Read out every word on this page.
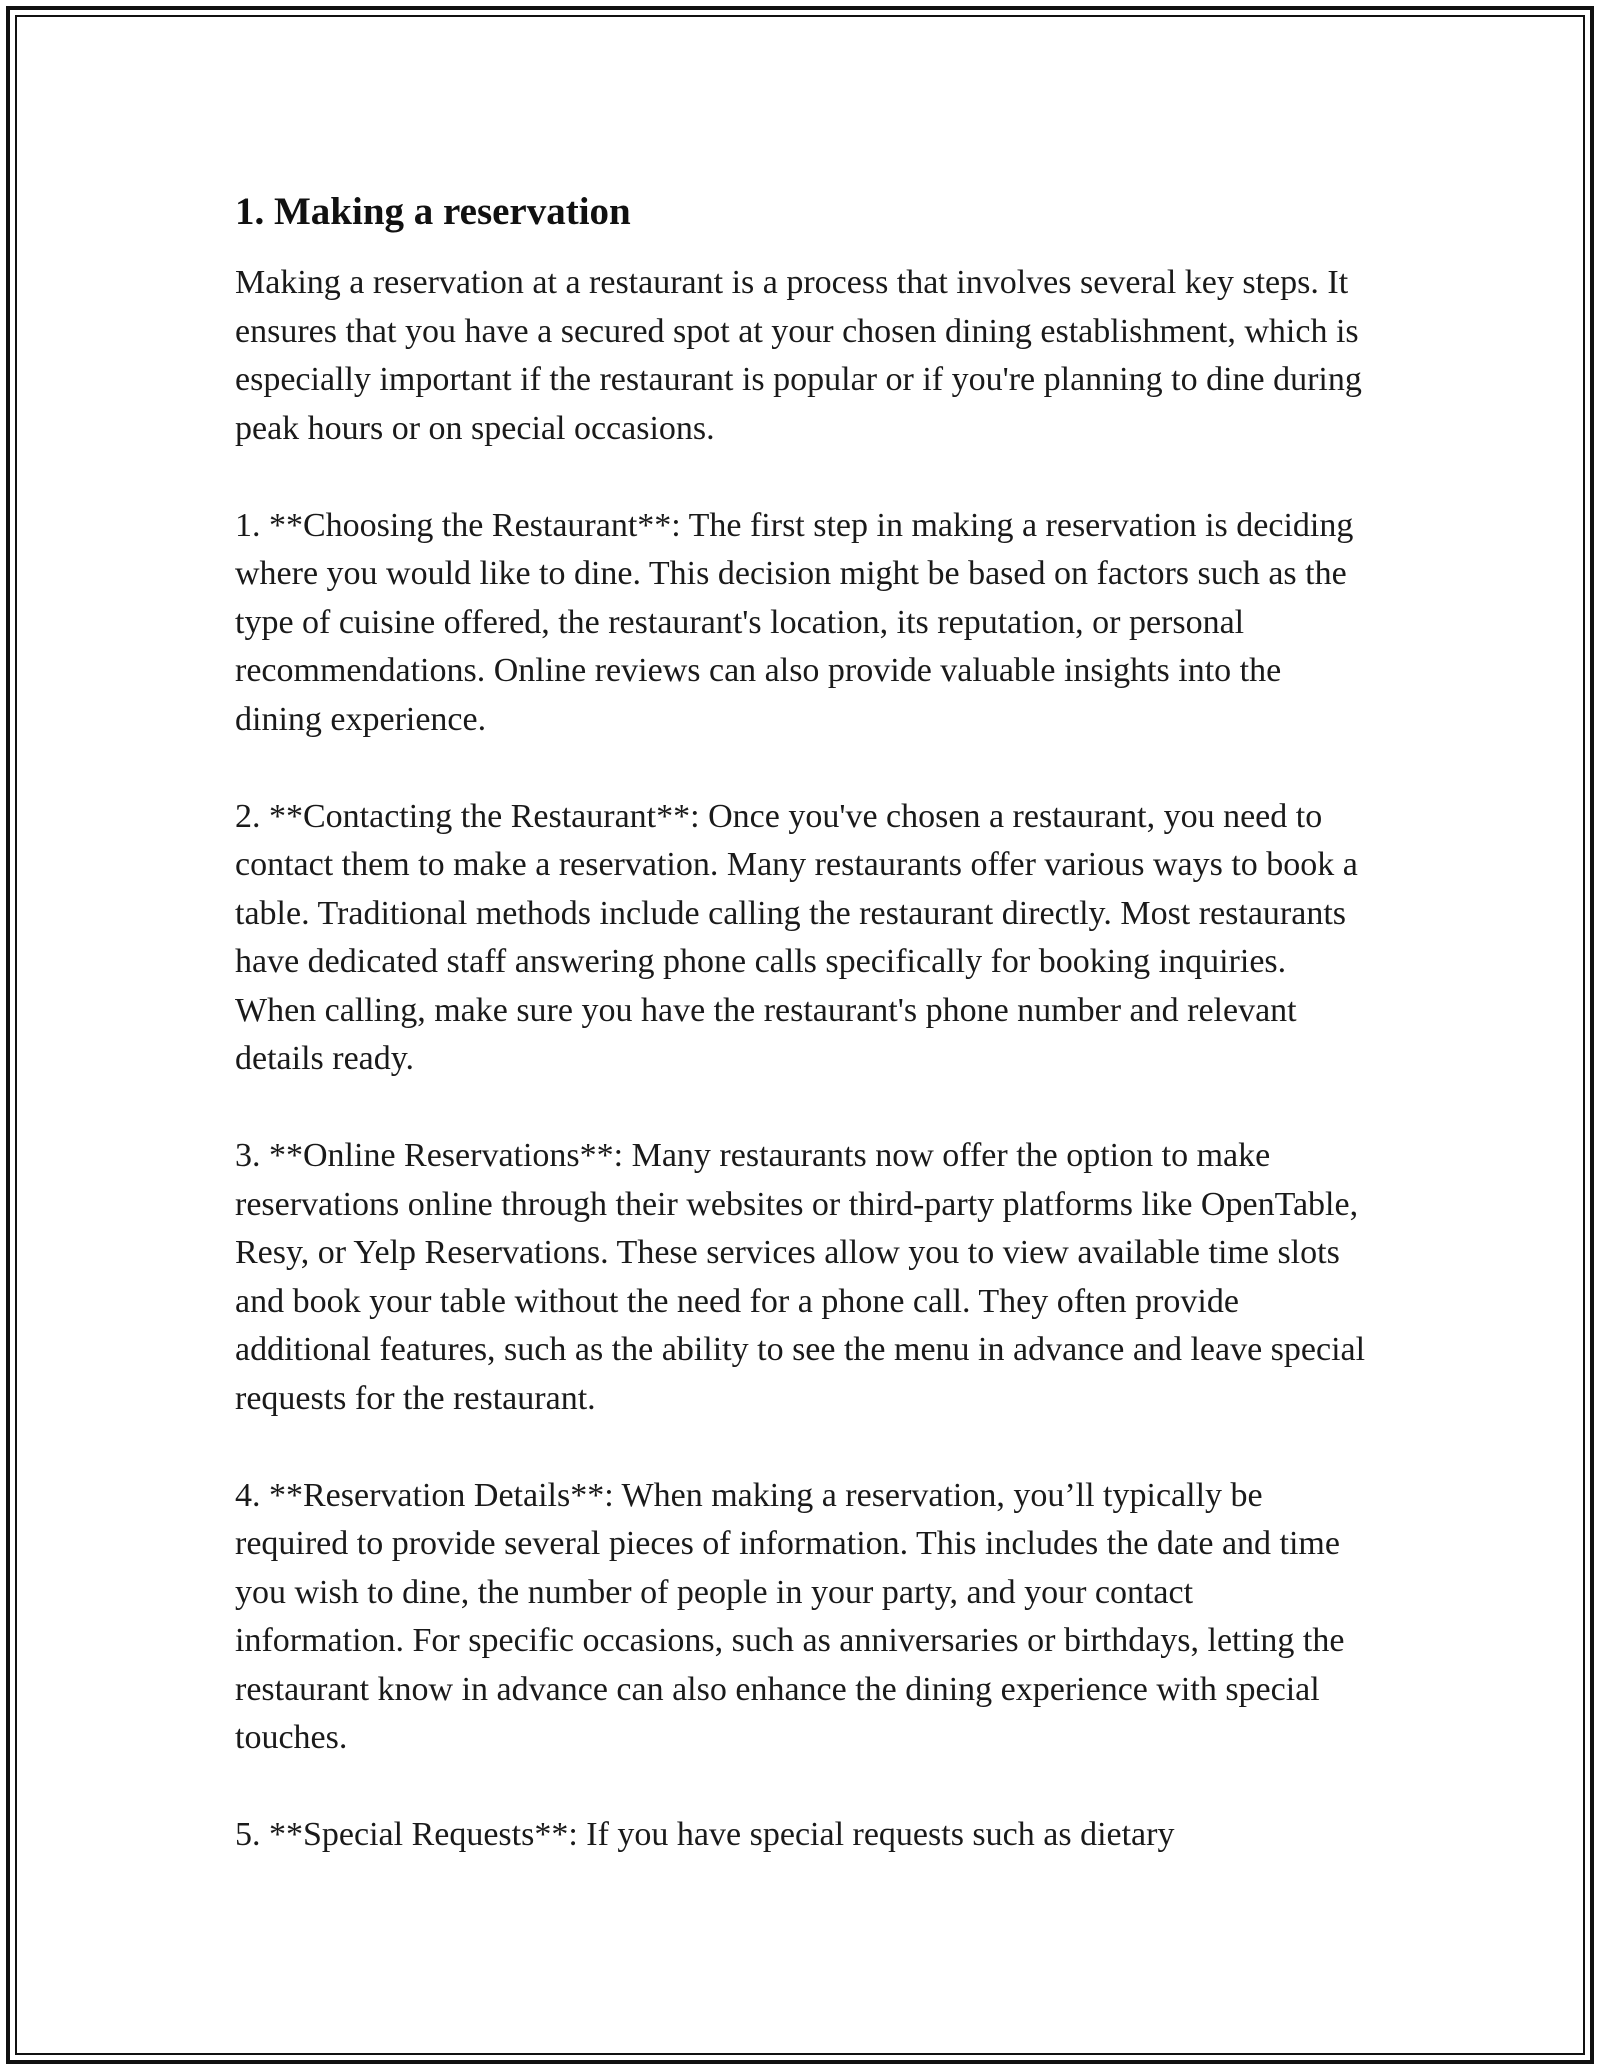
1. Making a reservation

Making a reservation at a restaurant is a process that involves several key steps. It ensures that you have a secured spot at your chosen dining establishment, which is especially important if the restaurant is popular or if you're planning to dine during peak hours or on special occasions.

1. **Choosing the Restaurant**: The first step in making a reservation is deciding where you would like to dine. This decision might be based on factors such as the type of cuisine offered, the restaurant's location, its reputation, or personal recommendations. Online reviews can also provide valuable insights into the dining experience.

2. **Contacting the Restaurant**: Once you've chosen a restaurant, you need to contact them to make a reservation. Many restaurants offer various ways to book a table. Traditional methods include calling the restaurant directly. Most restaurants have dedicated staff answering phone calls specifically for booking inquiries. When calling, make sure you have the restaurant's phone number and relevant details ready.

3. **Online Reservations**: Many restaurants now offer the option to make reservations online through their websites or third-party platforms like OpenTable, Resy, or Yelp Reservations. These services allow you to view available time slots and book your table without the need for a phone call. They often provide additional features, such as the ability to see the menu in advance and leave special requests for the restaurant.

4. **Reservation Details**: When making a reservation, you’ll typically be required to provide several pieces of information. This includes the date and time you wish to dine, the number of people in your party, and your contact information. For specific occasions, such as anniversaries or birthdays, letting the restaurant know in advance can also enhance the dining experience with special touches.

5. **Special Requests**: If you have special requests such as dietary
